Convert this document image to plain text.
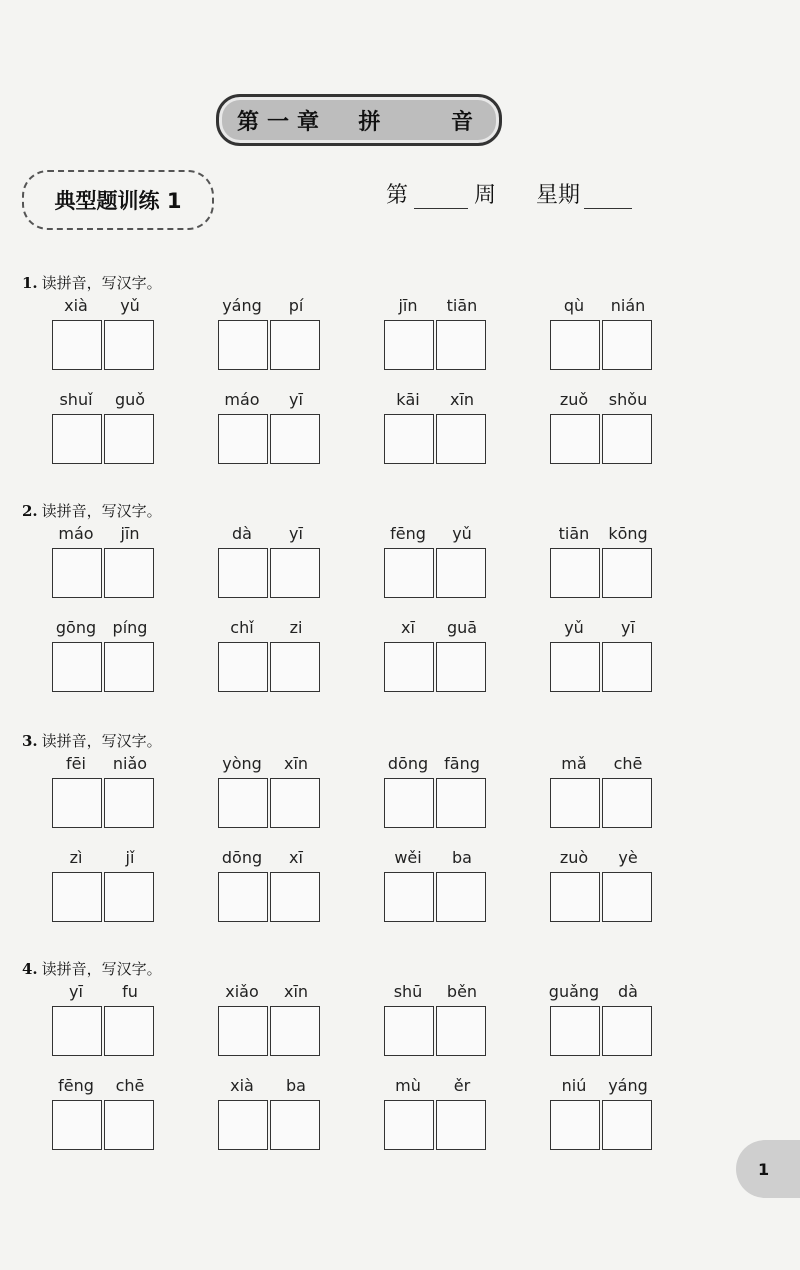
第一章  拼    音
典型题训练 1	第	周 星期
1. 读拼音，写汉字。
xià	yǔ	yáng	pí	jīn	tiān	qù	nián
shuǐ	guǒ	máo	yī	kāi	xīn	zuǒ	shǒu
2. 读拼音，写汉字。
máo	jīn	dà	yī	fēng	yǔ	tiān	kōng
gōng	píng	chǐ	zi	xī	guā	yǔ	yī
3. 读拼音，写汉字。
fēi	niǎo	yòng	xīn	dōng	fāng	mǎ	chē
zì	jǐ	dōng	xī	wěi	ba	zuò	yè
4. 读拼音，写汉字。
yī	fu	xiǎo	xīn	shū	běn	guǎng	dà
fēng	chē	xià	ba	mù	ěr	niú	yáng
1
